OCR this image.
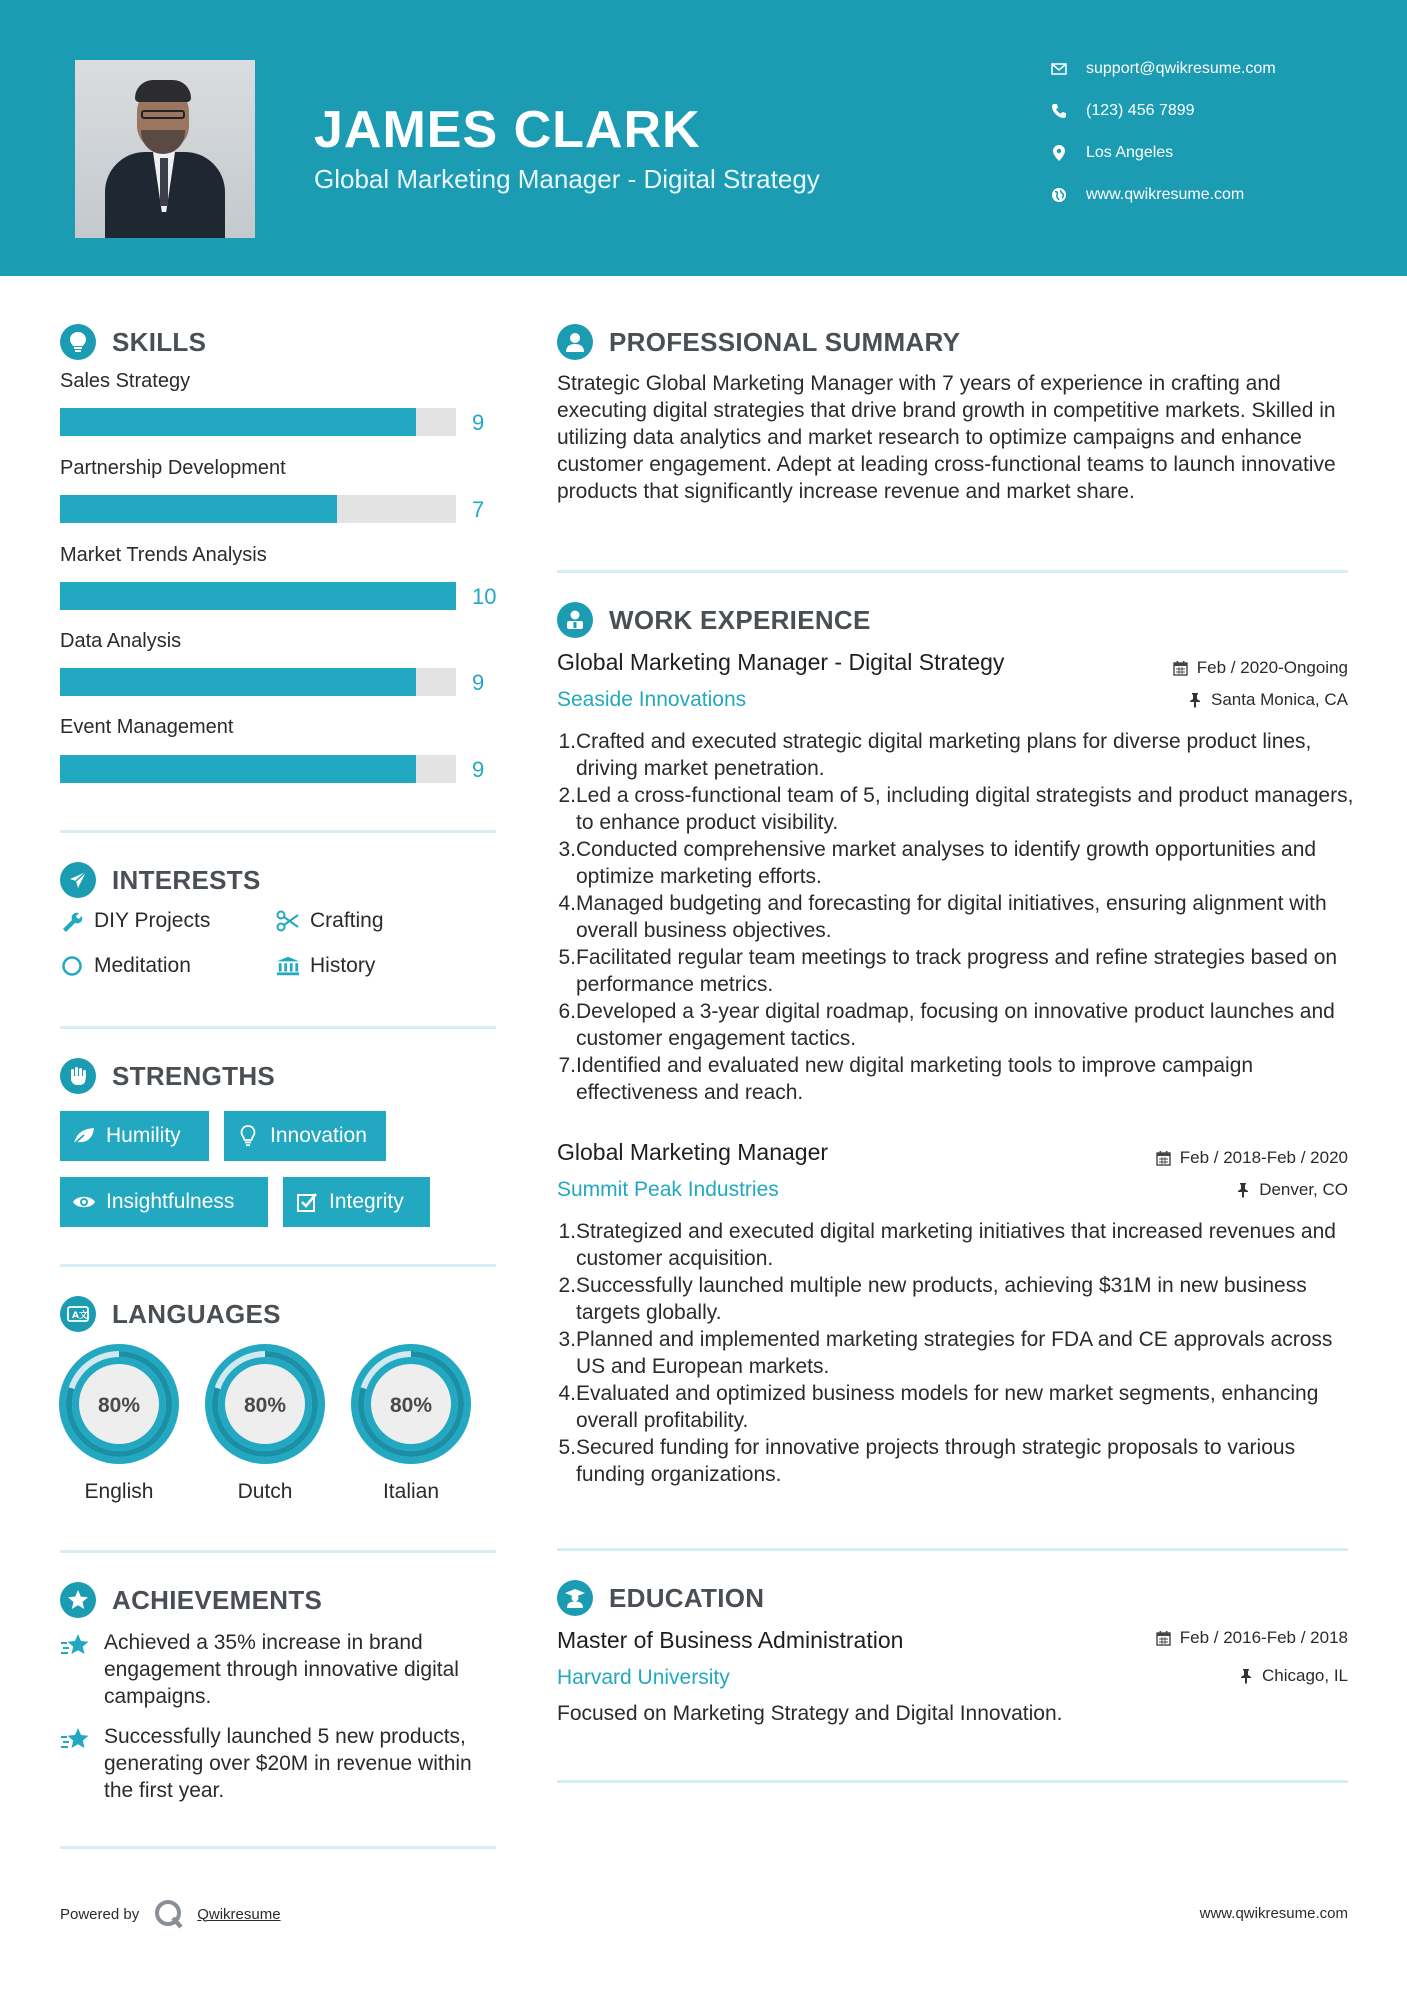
JAMES CLARK
Global Marketing Manager - Digital Strategy
support@qwikresume.com
(123) 456 7899
Los Angeles
www.qwikresume.com
SKILLS
Sales Strategy
9
Partnership Development
7
Market Trends Analysis
10
Data Analysis
9
Event Management
9
INTERESTS
DIY Projects	Crafting
Meditation	History
STRENGTHS
Humility	Innovation
Insightfulness	Integrity
A 文 LANGUAGES
80%	80%	80%
English	Dutch	Italian
ACHIEVEMENTS
Achieved a 35% increase in brand engagement through innovative digital campaigns.
Successfully launched 5 new products, generating over $20M in revenue within the first year.
PROFESSIONAL SUMMARY
Strategic Global Marketing Manager with 7 years of experience in crafting and executing digital strategies that drive brand growth in competitive markets. Skilled in utilizing data analytics and market research to optimize campaigns and enhance customer engagement. Adept at leading cross-functional teams to launch innovative products that significantly increase revenue and market share.
WORK EXPERIENCE
Global Marketing Manager - Digital Strategy	Feb / 2020-Ongoing
Seaside Innovations	Santa Monica, CA
1. Crafted and executed strategic digital marketing plans for diverse product lines, driving market penetration.
2. Led a cross-functional team of 5, including digital strategists and product managers, to enhance product visibility.
3. Conducted comprehensive market analyses to identify growth opportunities and optimize marketing efforts.
4. Managed budgeting and forecasting for digital initiatives, ensuring alignment with overall business objectives.
5. Facilitated regular team meetings to track progress and refine strategies based on performance metrics.
6. Developed a 3-year digital roadmap, focusing on innovative product launches and customer engagement tactics.
7. Identified and evaluated new digital marketing tools to improve campaign effectiveness and reach.
Global Marketing Manager	Feb / 2018-Feb / 2020
Summit Peak Industries	Denver, CO
1. Strategized and executed digital marketing initiatives that increased revenues and customer acquisition.
2. Successfully launched multiple new products, achieving $31M in new business targets globally.
3. Planned and implemented marketing strategies for FDA and CE approvals across US and European markets.
4. Evaluated and optimized business models for new market segments, enhancing overall profitability.
5. Secured funding for innovative projects through strategic proposals to various funding organizations.
EDUCATION
Master of Business Administration	Feb / 2016-Feb / 2018
Harvard University	Chicago, IL
Focused on Marketing Strategy and Digital Innovation.
Powered by	Qwikresume	www.qwikresume.com
